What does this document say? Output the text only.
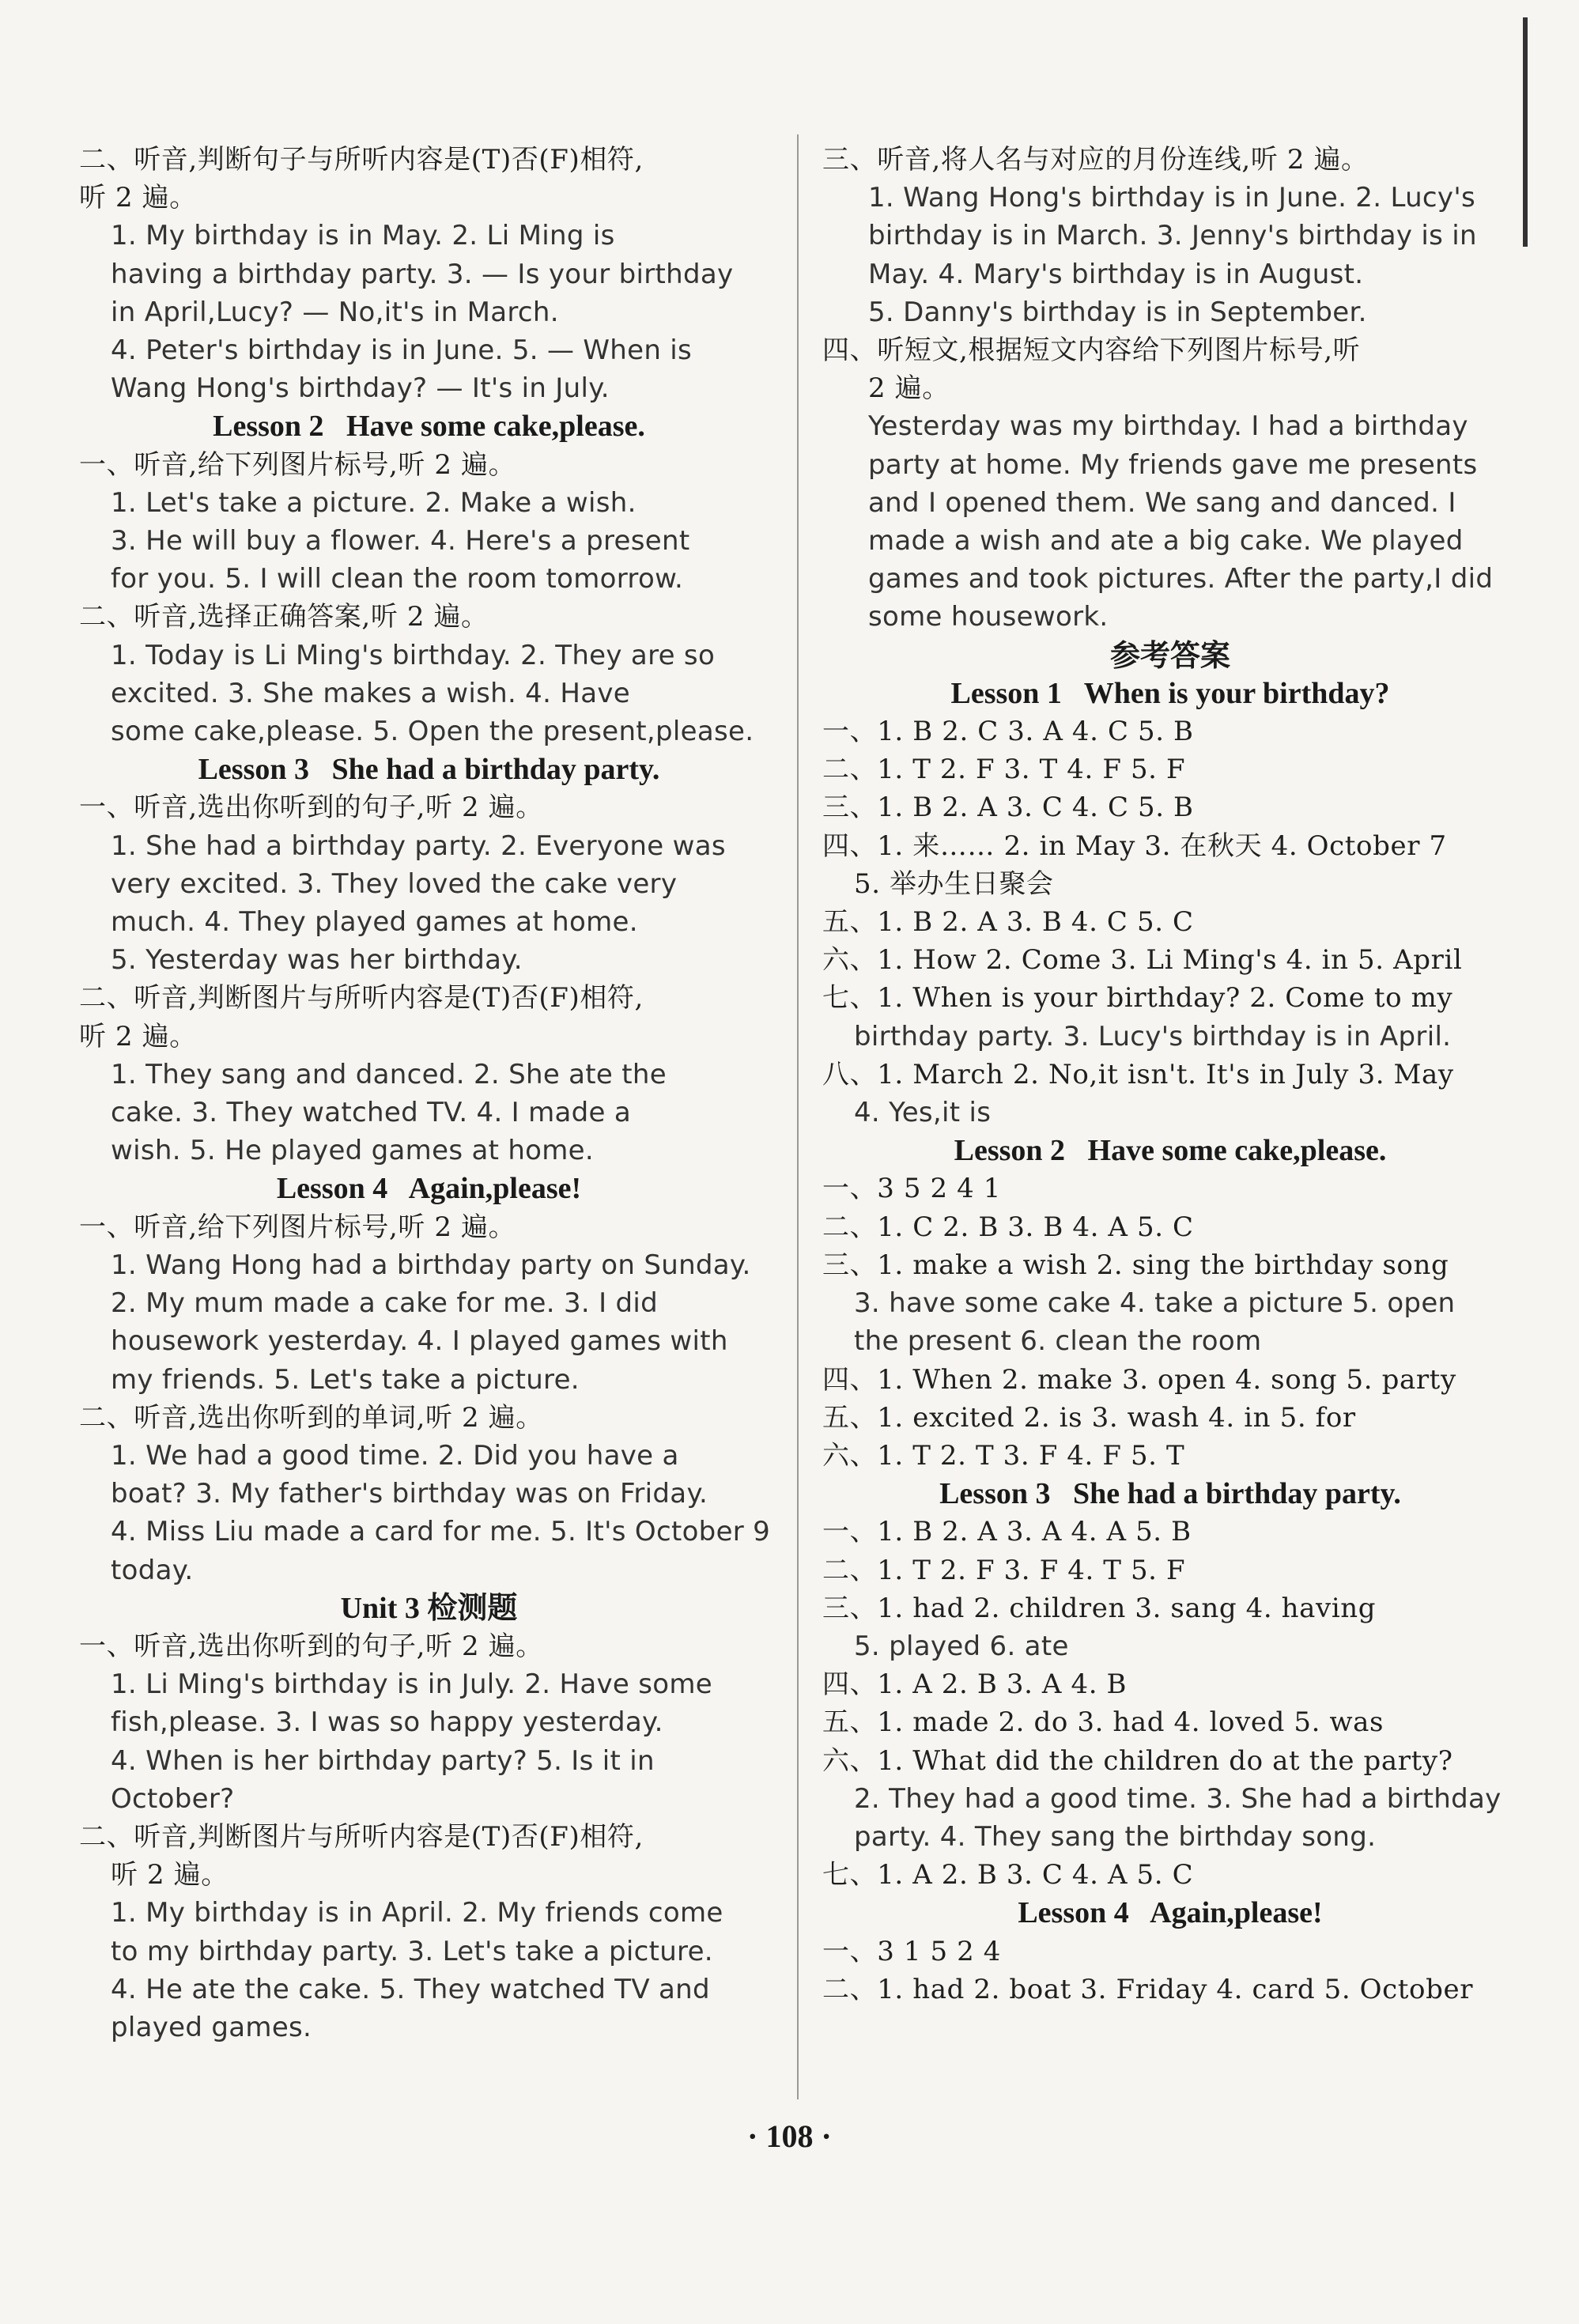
二、听音,判断句子与所听内容是(T)否(F)相符,
听 2 遍。
1. My birthday is in May. 2. Li Ming is
having a birthday party. 3. — Is your birthday
in April,Lucy? — No,it's in March.
4. Peter's birthday is in June. 5. — When is
Wang Hong's birthday? — It's in July.
Lesson 2   Have some cake,please.
一、听音,给下列图片标号,听 2 遍。
1. Let's take a picture. 2. Make a wish.
3. He will buy a flower. 4. Here's a present
for you. 5. I will clean the room tomorrow.
二、听音,选择正确答案,听 2 遍。
1. Today is Li Ming's birthday. 2. They are so
excited. 3. She makes a wish. 4. Have
some cake,please. 5. Open the present,please.
Lesson 3   She had a birthday party.
一、听音,选出你听到的句子,听 2 遍。
1. She had a birthday party. 2. Everyone was
very excited. 3. They loved the cake very
much. 4. They played games at home.
5. Yesterday was her birthday.
二、听音,判断图片与所听内容是(T)否(F)相符,
听 2 遍。
1. They sang and danced. 2. She ate the
cake. 3. They watched TV. 4. I made a
wish. 5. He played games at home.
Lesson 4   Again,please!
一、听音,给下列图片标号,听 2 遍。
1. Wang Hong had a birthday party on Sunday.
2. My mum made a cake for me. 3. I did
housework yesterday. 4. I played games with
my friends. 5. Let's take a picture.
二、听音,选出你听到的单词,听 2 遍。
1. We had a good time. 2. Did you have a
boat? 3. My father's birthday was on Friday.
4. Miss Liu made a card for me. 5. It's October 9
today.
Unit 3 检测题
一、听音,选出你听到的句子,听 2 遍。
1. Li Ming's birthday is in July. 2. Have some
fish,please. 3. I was so happy yesterday.
4. When is her birthday party? 5. Is it in
October?
二、听音,判断图片与所听内容是(T)否(F)相符,
听 2 遍。
1. My birthday is in April. 2. My friends come
to my birthday party. 3. Let's take a picture.
4. He ate the cake. 5. They watched TV and
played games.
三、听音,将人名与对应的月份连线,听 2 遍。
1. Wang Hong's birthday is in June. 2. Lucy's
birthday is in March. 3. Jenny's birthday is in
May. 4. Mary's birthday is in August.
5. Danny's birthday is in September.
四、听短文,根据短文内容给下列图片标号,听
2 遍。
Yesterday was my birthday. I had a birthday
party at home. My friends gave me presents
and I opened them. We sang and danced. I
made a wish and ate a big cake. We played
games and took pictures. After the party,I did
some housework.
参考答案
Lesson 1   When is your birthday?
一、1. B 2. C 3. A 4. C 5. B
二、1. T 2. F 3. T 4. F 5. F
三、1. B 2. A 3. C 4. C 5. B
四、1. 来…… 2. in May 3. 在秋天 4. October 7
5. 举办生日聚会
五、1. B 2. A 3. B 4. C 5. C
六、1. How 2. Come 3. Li Ming's 4. in 5. April
七、1. When is your birthday? 2. Come to my
birthday party. 3. Lucy's birthday is in April.
八、1. March 2. No,it isn't. It's in July 3. May
4. Yes,it is
Lesson 2   Have some cake,please.
一、3 5 2 4 1
二、1. C 2. B 3. B 4. A 5. C
三、1. make a wish 2. sing the birthday song
3. have some cake 4. take a picture 5. open
the present 6. clean the room
四、1. When 2. make 3. open 4. song 5. party
五、1. excited 2. is 3. wash 4. in 5. for
六、1. T 2. T 3. F 4. F 5. T
Lesson 3   She had a birthday party.
一、1. B 2. A 3. A 4. A 5. B
二、1. T 2. F 3. F 4. T 5. F
三、1. had 2. children 3. sang 4. having
5. played 6. ate
四、1. A 2. B 3. A 4. B
五、1. made 2. do 3. had 4. loved 5. was
六、1. What did the children do at the party?
2. They had a good time. 3. She had a birthday
party. 4. They sang the birthday song.
七、1. A 2. B 3. C 4. A 5. C
Lesson 4   Again,please!
一、3 1 5 2 4
二、1. had 2. boat 3. Friday 4. card 5. October
· 108 ·
